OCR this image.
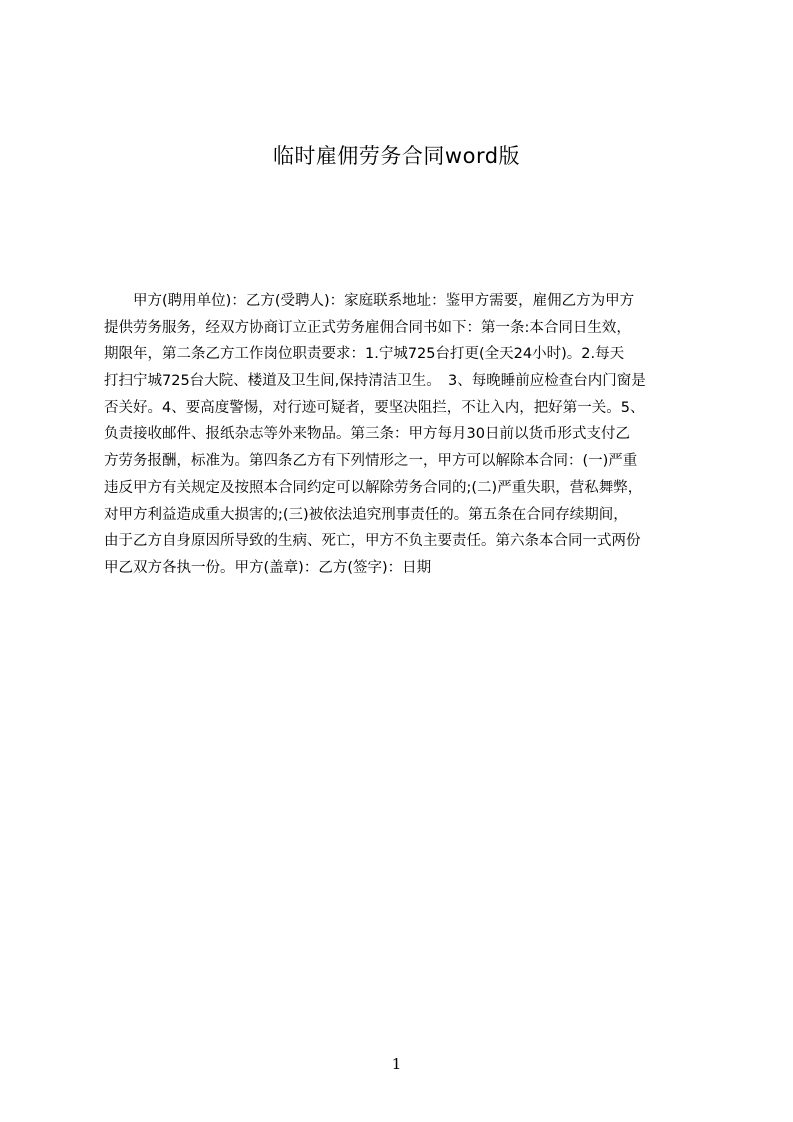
临时雇佣劳务合同word版
　　甲方(聘用单位)：乙方(受聘人)：家庭联系地址：鉴甲方需要，雇佣乙方为甲方
提供劳务服务，经双方协商订立正式劳务雇佣合同书如下：第一条:本合同日生效，
期限年，第二条乙方工作岗位职责要求：1.宁城725台打更(全天24小时)。2.每天
打扫宁城725台大院、楼道及卫生间,保持清洁卫生。　3、每晚睡前应检查台内门窗是
否关好。4、要高度警惕，对行迹可疑者，要坚决阻拦，不让入内，把好第一关。5、
负责接收邮件、报纸杂志等外来物品。第三条：甲方每月30日前以货币形式支付乙
方劳务报酬，标准为。第四条乙方有下列情形之一，甲方可以解除本合同：(一)严重
违反甲方有关规定及按照本合同约定可以解除劳务合同的;(二)严重失职，营私舞弊，
对甲方利益造成重大损害的;(三)被依法追究刑事责任的。第五条在合同存续期间，
由于乙方自身原因所导致的生病、死亡，甲方不负主要责任。第六条本合同一式两份
甲乙双方各执一份。甲方(盖章)：乙方(签字)：日期
1
